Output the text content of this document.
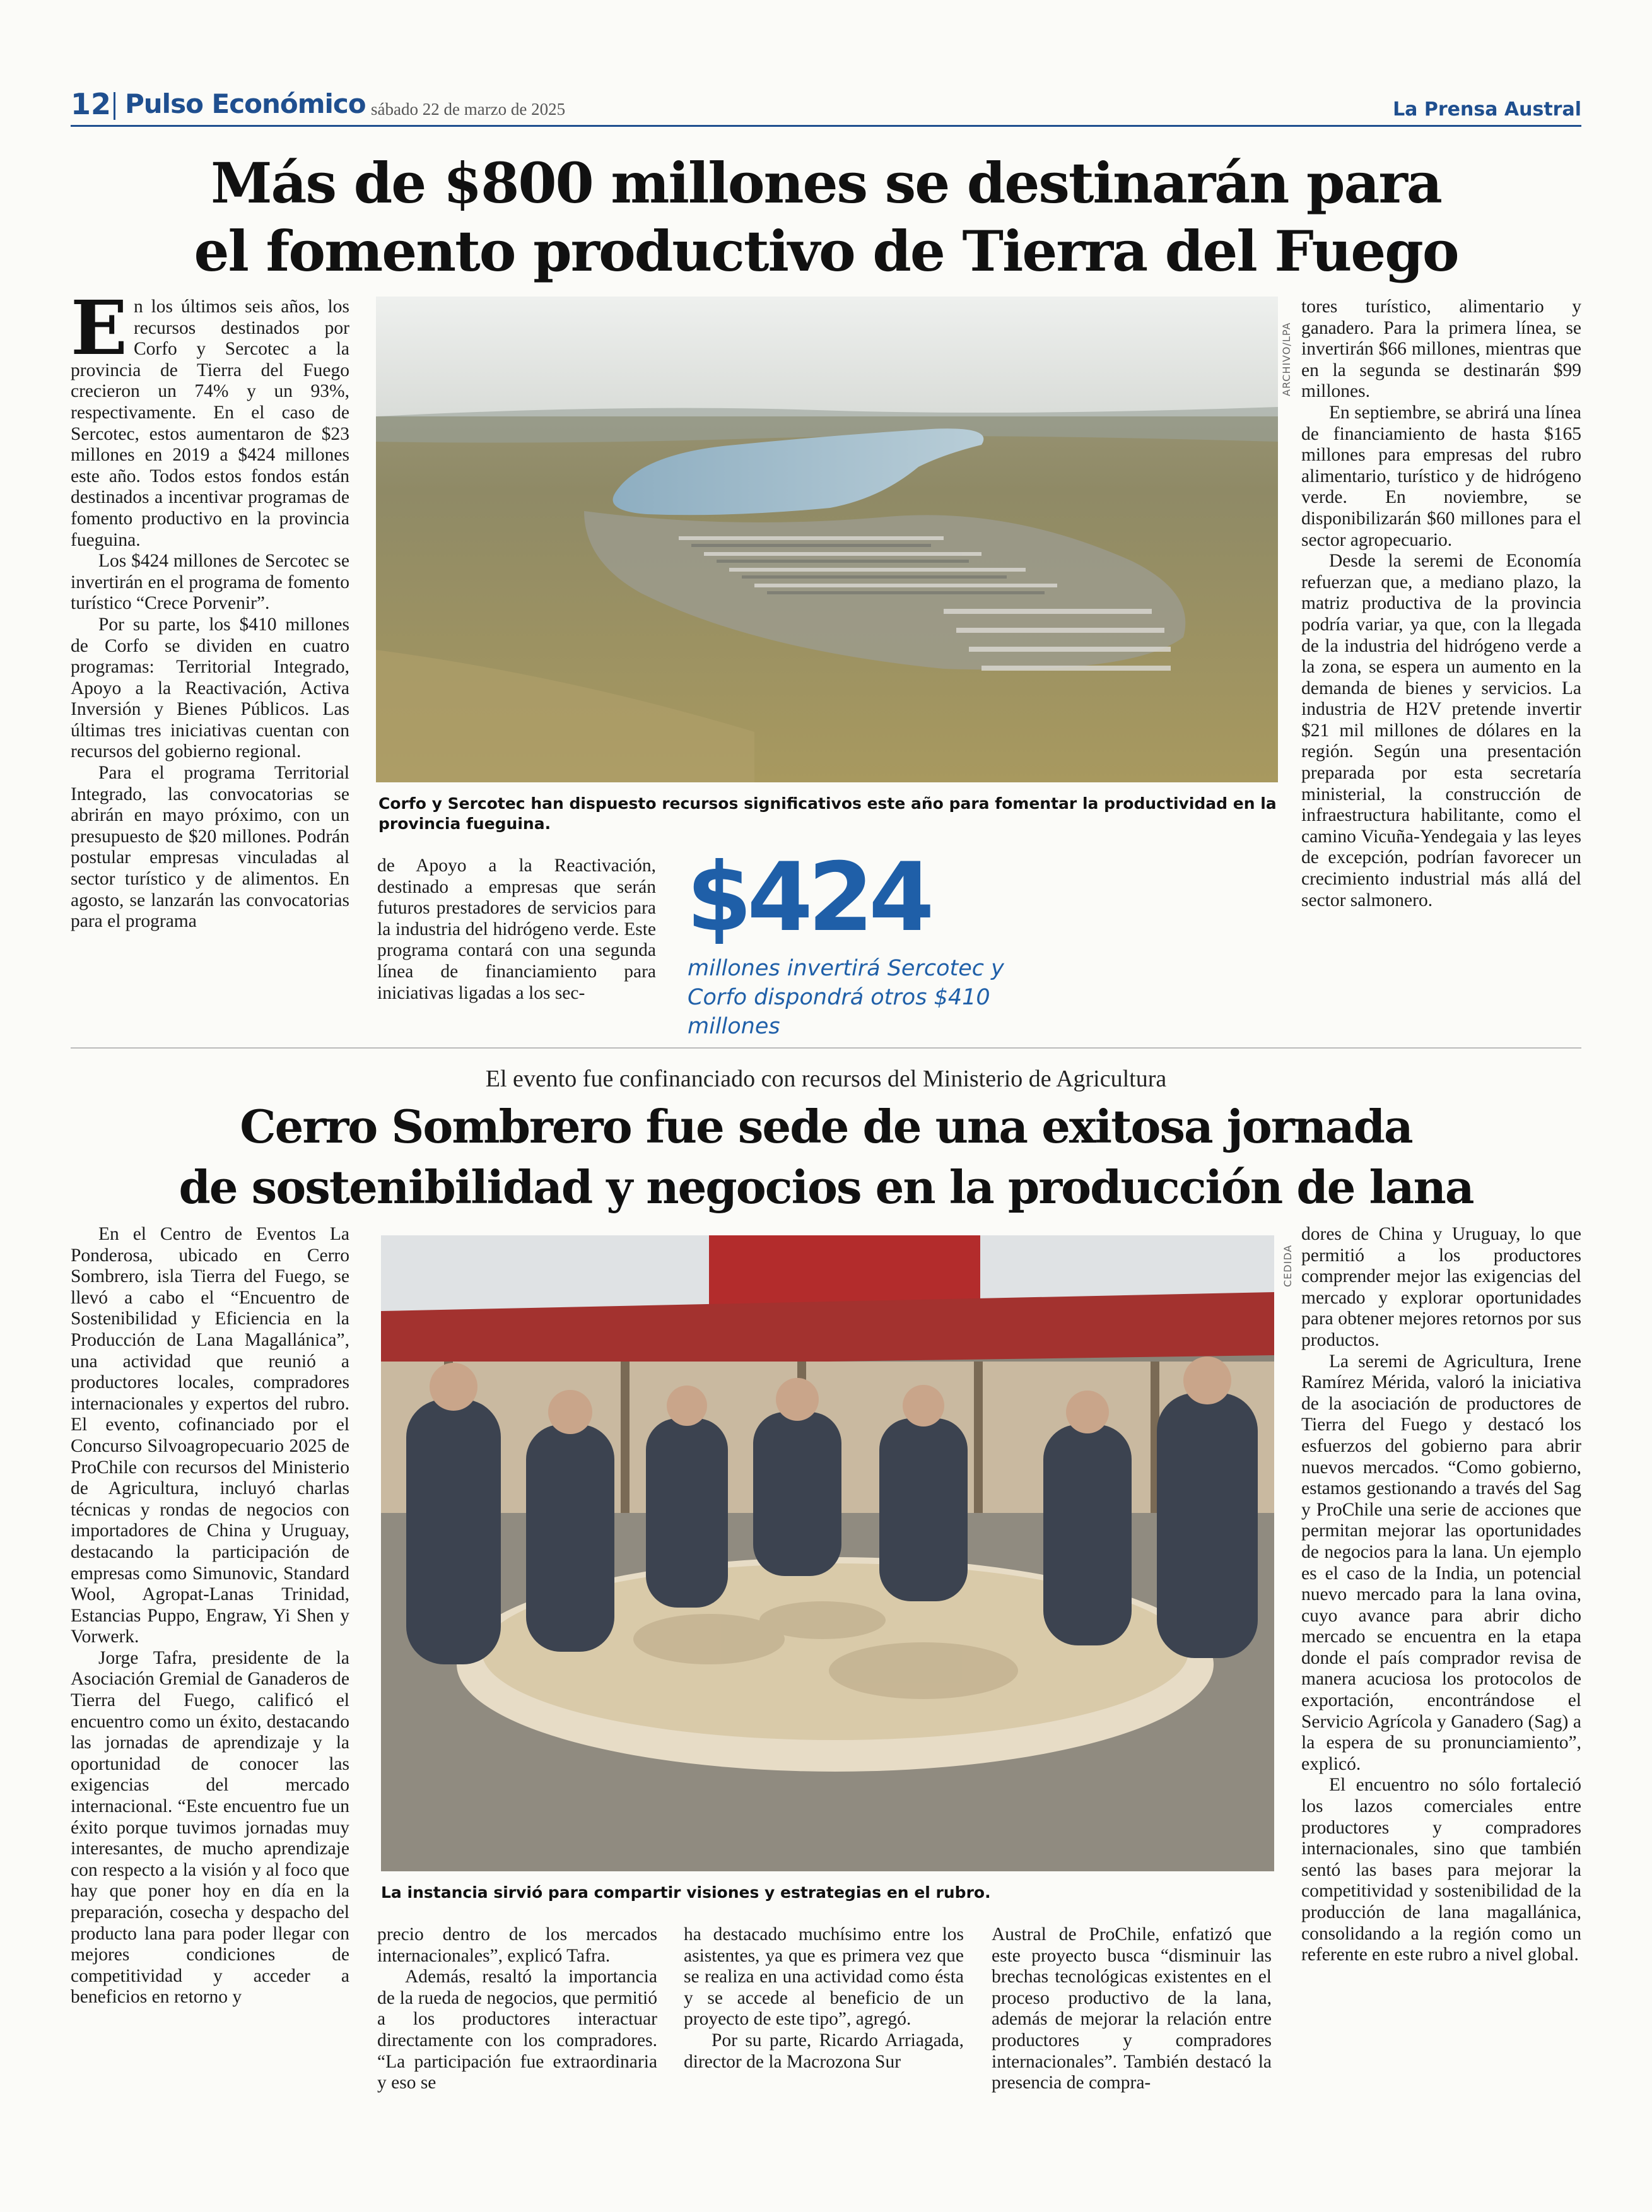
12 Pulso Económico sábado 22 de marzo de 2025	La Prensa Austral
Más de $800 millones se destinarán para
el fomento productivo de Tierra del Fuego
E n los últimos seis años, los recursos destinados por Corfo y Sercotec a la provincia de Tierra del Fuego crecieron un 74% y un 93%, respectivamente. En el caso de Sercotec, estos aumentaron de $23 millones en 2019 a $424 millones este año. Todos estos fondos están destinados a incentivar programas de fomento productivo en la provincia fueguina.

Los $424 millones de Sercotec se invertirán en el programa de fomento turístico “Crece Porvenir”.

Por su parte, los $410 millones de Corfo se dividen en cuatro programas: Territorial Integrado, Apoyo a la Reactivación, Activa Inversión y Bienes Públicos. Las últimas tres iniciativas cuentan con recursos del gobierno regional.

Para el programa Territorial Integrado, las convocatorias se abrirán en mayo próximo, con un presupuesto de $20 millones. Podrán postular empresas vinculadas al sector turístico y de alimentos. En agosto, se lanzarán las convocatorias para el programa

ARCHIVO/LPA
Corfo y Sercotec han dispuesto recursos significativos este año para fomentar la productividad en la provincia fueguina.

de Apoyo a la Reactivación, destinado a empresas que serán futuros prestadores de servicios para la industria del hidrógeno verde. Este programa contará con una segunda línea de financiamiento para iniciativas ligadas a los sec-

$424
millones invertirá Sercotec y Corfo dispondrá otros $410 millones

tores turístico, alimentario y ganadero. Para la primera línea, se invertirán $66 millones, mientras que en la segunda se destinarán $99 millones.

En septiembre, se abrirá una línea de financiamiento de hasta $165 millones para empresas del rubro alimentario, turístico y de hidrógeno verde. En noviembre, se disponibilizarán $60 millones para el sector agropecuario.

Desde la seremi de Economía refuerzan que, a mediano plazo, la matriz productiva de la provincia podría variar, ya que, con la llegada de la industria del hidrógeno verde a la zona, se espera un aumento en la demanda de bienes y servicios. La industria de H2V pretende invertir $21 mil millones de dólares en la región. Según una presentación preparada por esta secretaría ministerial, la construcción de infraestructura habilitante, como el camino Vicuña-Yendegaia y las leyes de excepción, podrían favorecer un crecimiento industrial más allá del sector salmonero.

El evento fue confinanciado con recursos del Ministerio de Agricultura
Cerro Sombrero fue sede de una exitosa jornada
de sostenibilidad y negocios en la producción de lana

En el Centro de Eventos La Ponderosa, ubicado en Cerro Sombrero, isla Tierra del Fuego, se llevó a cabo el “Encuentro de Sostenibilidad y Eficiencia en la Producción de Lana Magallánica”, una actividad que reunió a productores locales, compradores internacionales y expertos del rubro. El evento, cofinanciado por el Concurso Silvoagropecuario 2025 de ProChile con recursos del Ministerio de Agricultura, incluyó charlas técnicas y rondas de negocios con importadores de China y Uruguay, destacando la participación de empresas como Simunovic, Standard Wool, Agropat-Lanas Trinidad, Estancias Puppo, Engraw, Yi Shen y Vorwerk.

Jorge Tafra, presidente de la Asociación Gremial de Ganaderos de Tierra del Fuego, calificó el encuentro como un éxito, destacando las jornadas de aprendizaje y la oportunidad de conocer las exigencias del mercado internacional. “Este encuentro fue un éxito porque tuvimos jornadas muy interesantes, de mucho aprendizaje con respecto a la visión y al foco que hay que poner hoy en día en la preparación, cosecha y despacho del producto lana para poder llegar con mejores condiciones de competitividad y acceder a beneficios en retorno y

CEDIDA
La instancia sirvió para compartir visiones y estrategias en el rubro.

precio dentro de los mercados internacionales”, explicó Tafra.

Además, resaltó la importancia de la rueda de negocios, que permitió a los productores interactuar directamente con los compradores. “La participación fue extraordinaria y eso se

ha destacado muchísimo entre los asistentes, ya que es primera vez que se realiza en una actividad como ésta y se accede al beneficio de un proyecto de este tipo”, agregó.

Por su parte, Ricardo Arriagada, director de la Macrozona Sur

Austral de ProChile, enfatizó que este proyecto busca “disminuir las brechas tecnológicas existentes en el proceso productivo de la lana, además de mejorar la relación entre productores y compradores internacionales”. También destacó la presencia de compra-

dores de China y Uruguay, lo que permitió a los productores comprender mejor las exigencias del mercado y explorar oportunidades para obtener mejores retornos por sus productos.

La seremi de Agricultura, Irene Ramírez Mérida, valoró la iniciativa de la asociación de productores de Tierra del Fuego y destacó los esfuerzos del gobierno para abrir nuevos mercados. “Como gobierno, estamos gestionando a través del Sag y ProChile una serie de acciones que permitan mejorar las oportunidades de negocios para la lana. Un ejemplo es el caso de la India, un potencial nuevo mercado para la lana ovina, cuyo avance para abrir dicho mercado se encuentra en la etapa donde el país comprador revisa de manera acuciosa los protocolos de exportación, encontrándose el Servicio Agrícola y Ganadero (Sag) a la espera de su pronunciamiento”, explicó.

El encuentro no sólo fortaleció los lazos comerciales entre productores y compradores internacionales, sino que también sentó las bases para mejorar la competitividad y sostenibilidad de la producción de lana magallánica, consolidando a la región como un referente en este rubro a nivel global.
